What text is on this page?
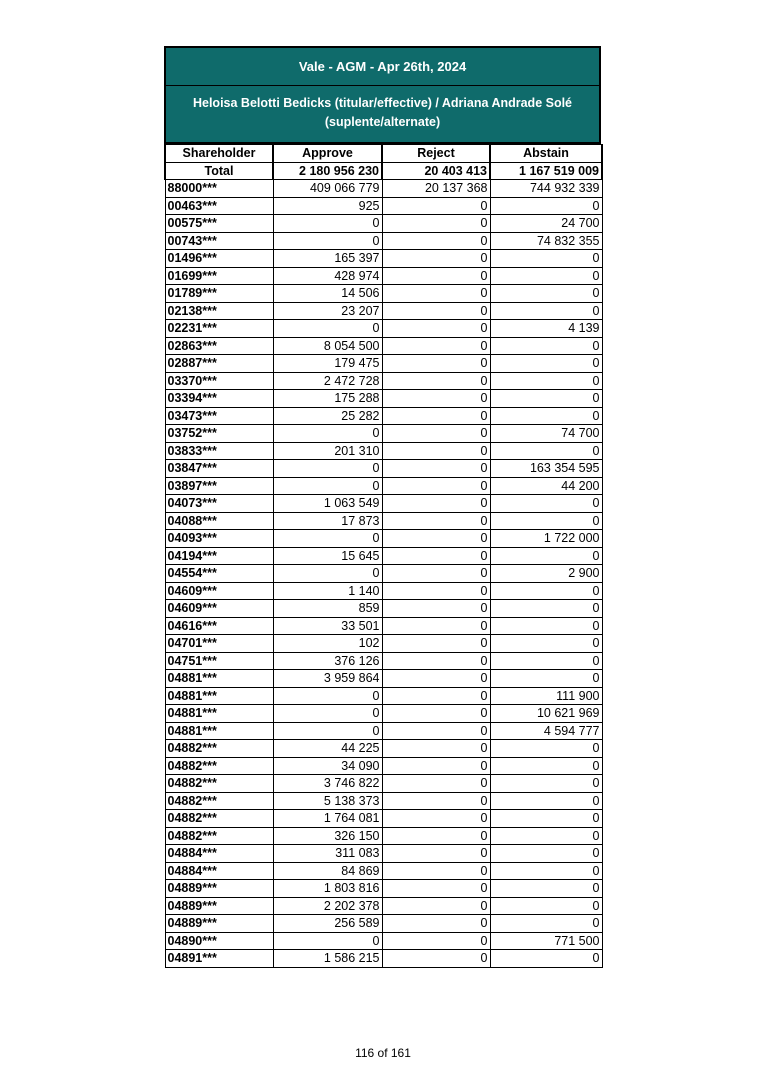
Vale - AGM - Apr 26th, 2024
Heloisa Belotti Bedicks (titular/effective) / Adriana Andrade Solé
(suplente/alternate)
Shareholder	Approve	Reject	Abstain
Total	2 180 956 230	20 403 413	1 167 519 009
88000***	409 066 779	20 137 368	744 932 339
00463***	925	0	0
00575***	0	0	24 700
00743***	0	0	74 832 355
01496***	165 397	0	0
01699***	428 974	0	0
01789***	14 506	0	0
02138***	23 207	0	0
02231***	0	0	4 139
02863***	8 054 500	0	0
02887***	179 475	0	0
03370***	2 472 728	0	0
03394***	175 288	0	0
03473***	25 282	0	0
03752***	0	0	74 700
03833***	201 310	0	0
03847***	0	0	163 354 595
03897***	0	0	44 200
04073***	1 063 549	0	0
04088***	17 873	0	0
04093***	0	0	1 722 000
04194***	15 645	0	0
04554***	0	0	2 900
04609***	1 140	0	0
04609***	859	0	0
04616***	33 501	0	0
04701***	102	0	0
04751***	376 126	0	0
04881***	3 959 864	0	0
04881***	0	0	111 900
04881***	0	0	10 621 969
04881***	0	0	4 594 777
04882***	44 225	0	0
04882***	34 090	0	0
04882***	3 746 822	0	0
04882***	5 138 373	0	0
04882***	1 764 081	0	0
04882***	326 150	0	0
04884***	311 083	0	0
04884***	84 869	0	0
04889***	1 803 816	0	0
04889***	2 202 378	0	0
04889***	256 589	0	0
04890***	0	0	771 500
04891***	1 586 215	0	0
116 of 161
